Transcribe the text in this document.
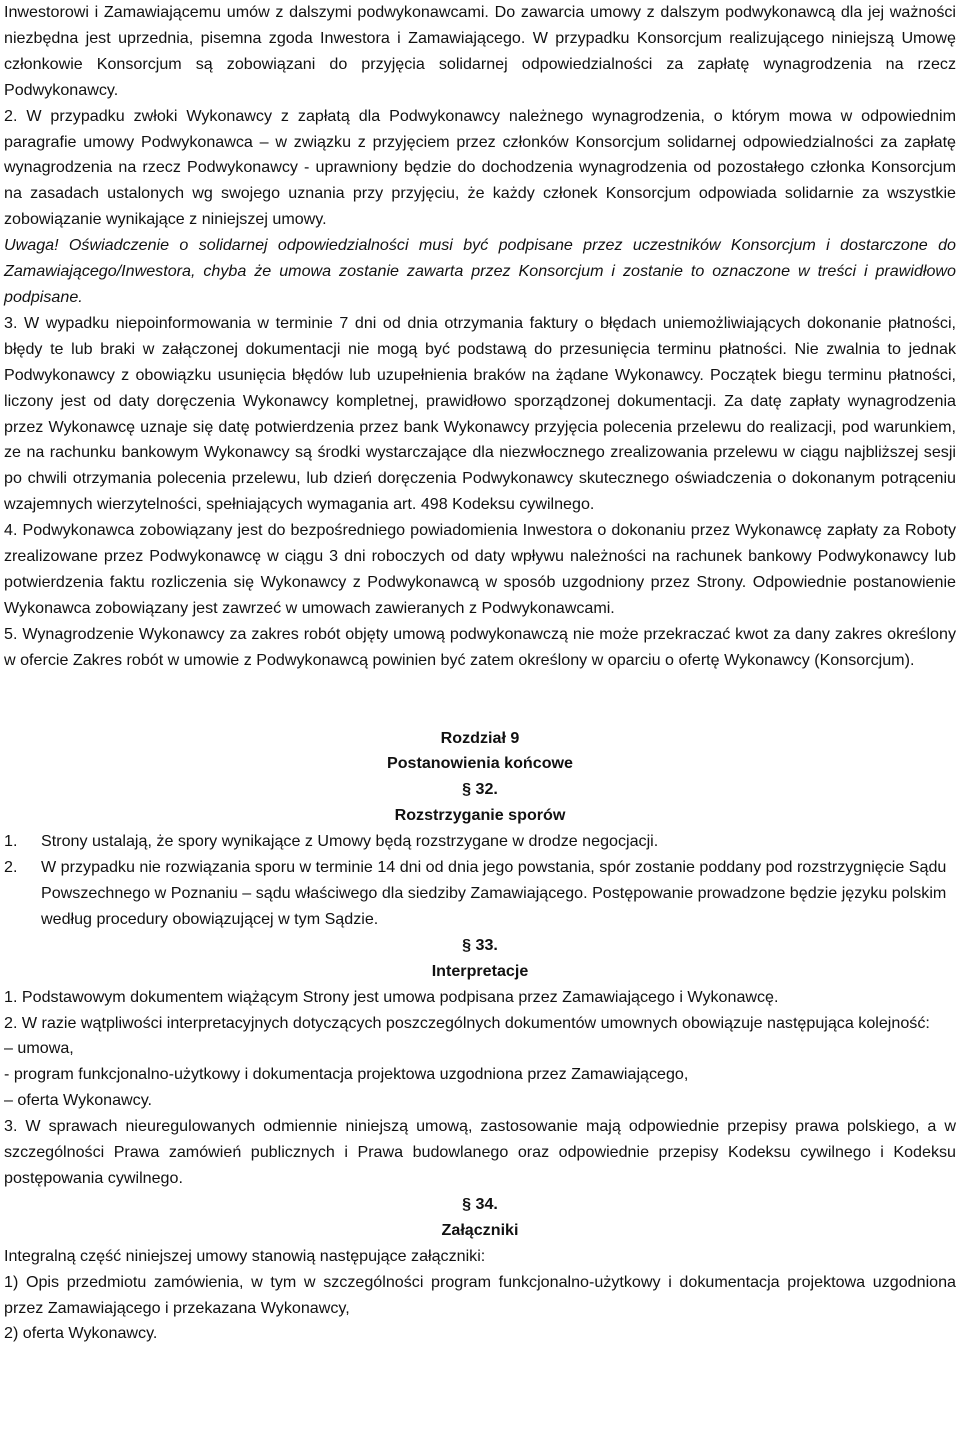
Inwestorowi i Zamawiającemu umów z dalszymi podwykonawcami. Do zawarcia umowy z dalszym podwykonawcą dla jej ważności niezbędna jest uprzednia, pisemna zgoda Inwestora i Zamawiającego. W przypadku Konsorcjum realizującego niniejszą Umowę członkowie Konsorcjum są zobowiązani do przyjęcia solidarnej odpowiedzialności za zapłatę wynagrodzenia na rzecz Podwykonawcy.

2. W przypadku zwłoki Wykonawcy z zapłatą dla Podwykonawcy należnego wynagrodzenia, o którym mowa w odpowiednim paragrafie umowy Podwykonawca – w związku z przyjęciem przez członków Konsorcjum solidarnej odpowiedzialności za zapłatę wynagrodzenia na rzecz Podwykonawcy - uprawniony będzie do dochodzenia wynagrodzenia od pozostałego członka Konsorcjum na zasadach ustalonych wg swojego uznania przy przyjęciu, że każdy członek Konsorcjum odpowiada solidarnie za wszystkie zobowiązanie wynikające z niniejszej umowy.

Uwaga! Oświadczenie o solidarnej odpowiedzialności musi być podpisane przez uczestników Konsorcjum i dostarczone do Zamawiającego/Inwestora, chyba że umowa zostanie zawarta przez Konsorcjum i zostanie to oznaczone w treści i prawidłowo podpisane.

3. W wypadku niepoinformowania w terminie 7 dni od dnia otrzymania faktury o błędach uniemożliwiających dokonanie płatności, błędy te lub braki w załączonej dokumentacji nie mogą być podstawą do przesunięcia terminu płatności. Nie zwalnia to jednak Podwykonawcy z obowiązku usunięcia błędów lub uzupełnienia braków na żądane Wykonawcy. Początek biegu terminu płatności, liczony jest od daty doręczenia Wykonawcy kompletnej, prawidłowo sporządzonej dokumentacji. Za datę zapłaty wynagrodzenia przez Wykonawcę uznaje się datę potwierdzenia przez bank Wykonawcy przyjęcia polecenia przelewu do realizacji, pod warunkiem, ze na rachunku bankowym Wykonawcy są środki wystarczające dla niezwłocznego zrealizowania przelewu w ciągu najbliższej sesji po chwili otrzymania polecenia przelewu, lub dzień doręczenia Podwykonawcy skutecznego oświadczenia o dokonanym potrąceniu wzajemnych wierzytelności, spełniających wymagania art. 498 Kodeksu cywilnego.

4. Podwykonawca zobowiązany jest do bezpośredniego powiadomienia Inwestora o dokonaniu przez Wykonawcę zapłaty za Roboty zrealizowane przez Podwykonawcę w ciągu 3 dni roboczych od daty wpływu należności na rachunek bankowy Podwykonawcy lub potwierdzenia faktu rozliczenia się Wykonawcy z Podwykonawcą w sposób uzgodniony przez Strony. Odpowiednie postanowienie Wykonawca zobowiązany jest zawrzeć w umowach zawieranych z Podwykonawcami.

5. Wynagrodzenie Wykonawcy za zakres robót objęty umową podwykonawczą nie może przekraczać kwot za dany zakres określony w ofercie Zakres robót w umowie z Podwykonawcą powinien być zatem określony w oparciu o ofertę Wykonawcy (Konsorcjum).

Rozdział 9

Postanowienia końcowe

§ 32.

Rozstrzyganie sporów

1.	Strony ustalają, że spory wynikające z Umowy będą rozstrzygane w drodze negocjacji.
2.	W przypadku nie rozwiązania sporu w terminie 14 dni od dnia jego powstania, spór zostanie poddany pod rozstrzygnięcie Sądu Powszechnego w Poznaniu – sądu właściwego dla siedziby Zamawiającego. Postępowanie prowadzone będzie języku polskim według procedury obowiązującej w tym Sądzie.

§ 33.

Interpretacje

1. Podstawowym dokumentem wiążącym Strony jest umowa podpisana przez Zamawiającego i Wykonawcę.

2. W razie wątpliwości interpretacyjnych dotyczących poszczególnych dokumentów umownych obowiązuje następująca kolejność:

– umowa,

- program funkcjonalno-użytkowy i dokumentacja projektowa uzgodniona przez Zamawiającego,

– oferta Wykonawcy.

3. W sprawach nieuregulowanych odmiennie niniejszą umową, zastosowanie mają odpowiednie przepisy prawa polskiego, a w szczególności Prawa zamówień publicznych i Prawa budowlanego oraz odpowiednie przepisy Kodeksu cywilnego i Kodeksu postępowania cywilnego.

§ 34.

Załączniki

Integralną część niniejszej umowy stanowią następujące załączniki:

1) Opis przedmiotu zamówienia, w tym w szczególności program funkcjonalno-użytkowy i dokumentacja projektowa uzgodniona przez Zamawiającego i przekazana Wykonawcy,

2) oferta Wykonawcy.
